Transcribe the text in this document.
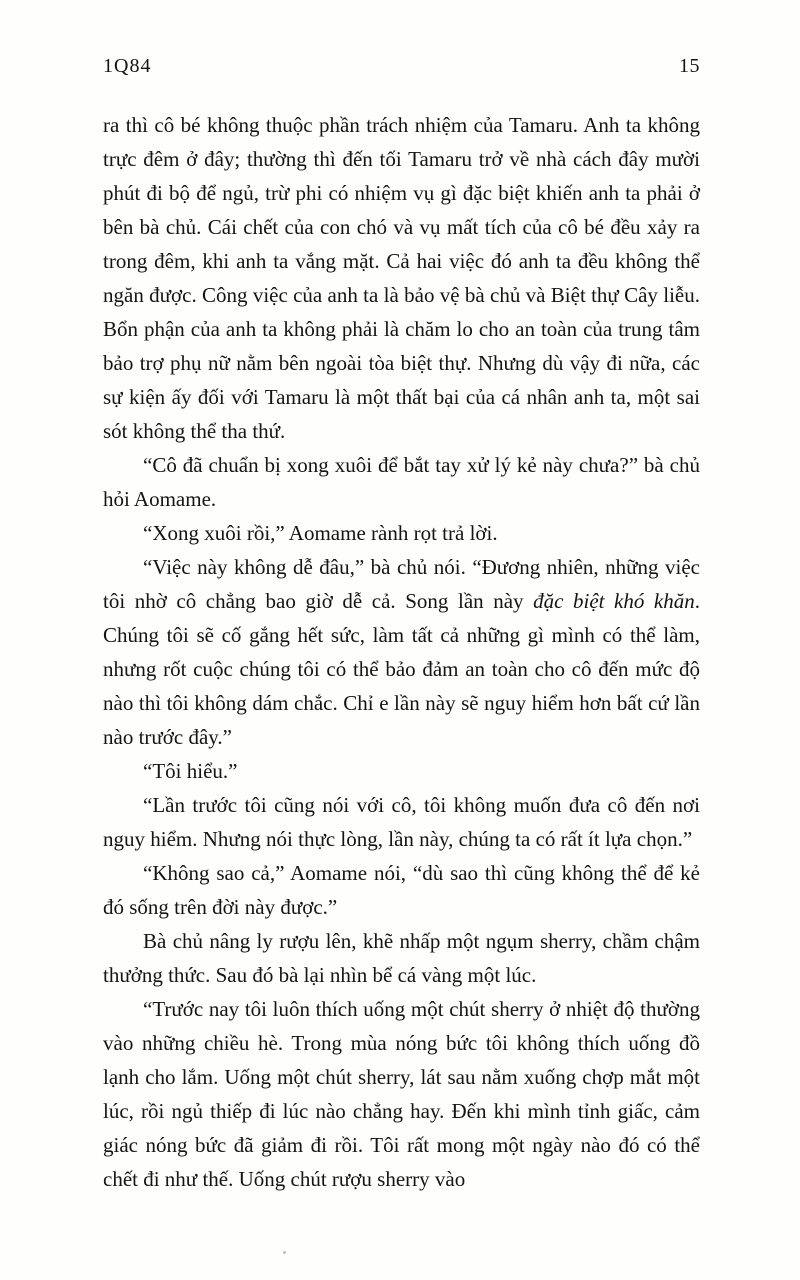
1Q84	15

ra thì cô bé không thuộc phần trách nhiệm của Tamaru. Anh ta không trực đêm ở đây; thường thì đến tối Tamaru trở về nhà cách đây mười phút đi bộ để ngủ, trừ phi có nhiệm vụ gì đặc biệt khiến anh ta phải ở bên bà chủ. Cái chết của con chó và vụ mất tích của cô bé đều xảy ra trong đêm, khi anh ta vắng mặt. Cả hai việc đó anh ta đều không thể ngăn được. Công việc của anh ta là bảo vệ bà chủ và Biệt thự Cây liễu. Bổn phận của anh ta không phải là chăm lo cho an toàn của trung tâm bảo trợ phụ nữ nằm bên ngoài tòa biệt thự. Nhưng dù vậy đi nữa, các sự kiện ấy đối với Tamaru là một thất bại của cá nhân anh ta, một sai sót không thể tha thứ.

“Cô đã chuẩn bị xong xuôi để bắt tay xử lý kẻ này chưa?” bà chủ hỏi Aomame.

“Xong xuôi rồi,” Aomame rành rọt trả lời.

“Việc này không dễ đâu,” bà chủ nói. “Đương nhiên, những việc tôi nhờ cô chẳng bao giờ dễ cả. Song lần này đặc biệt khó khăn. Chúng tôi sẽ cố gắng hết sức, làm tất cả những gì mình có thể làm, nhưng rốt cuộc chúng tôi có thể bảo đảm an toàn cho cô đến mức độ nào thì tôi không dám chắc. Chỉ e lần này sẽ nguy hiểm hơn bất cứ lần nào trước đây.”

“Tôi hiểu.”

“Lần trước tôi cũng nói với cô, tôi không muốn đưa cô đến nơi nguy hiểm. Nhưng nói thực lòng, lần này, chúng ta có rất ít lựa chọn.”

“Không sao cả,” Aomame nói, “dù sao thì cũng không thể để kẻ đó sống trên đời này được.”

Bà chủ nâng ly rượu lên, khẽ nhấp một ngụm sherry, chầm chậm thưởng thức. Sau đó bà lại nhìn bể cá vàng một lúc.

“Trước nay tôi luôn thích uống một chút sherry ở nhiệt độ thường vào những chiều hè. Trong mùa nóng bức tôi không thích uống đồ lạnh cho lắm. Uống một chút sherry, lát sau nằm xuống chợp mắt một lúc, rồi ngủ thiếp đi lúc nào chẳng hay. Đến khi mình tỉnh giấc, cảm giác nóng bức đã giảm đi rồi. Tôi rất mong một ngày nào đó có thể chết đi như thế. Uống chút rượu sherry vào
